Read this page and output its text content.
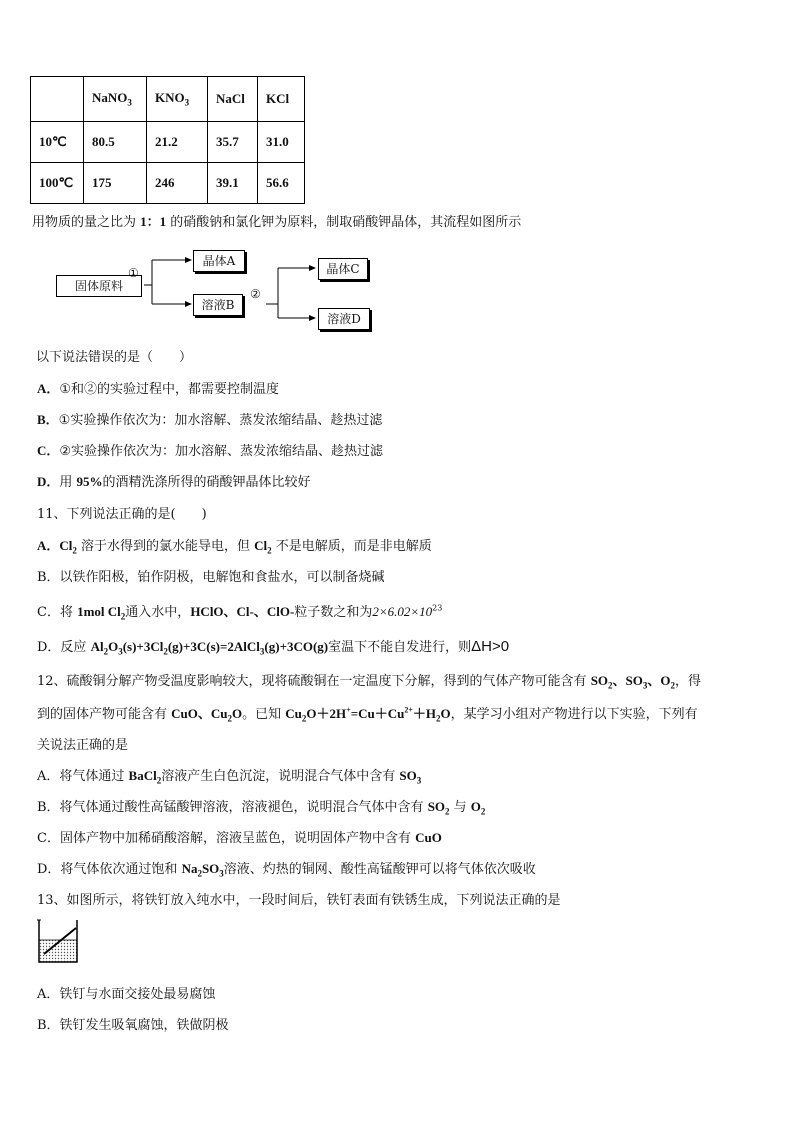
	NaNO$_3$	$KNO_3$	NaCl	KCl
10℃	80.5	21.2	35.7	31.0
100℃	175	246	39.1	56.6
用物质的量之比为 1：1 的硝酸钠和氯化钾为原料，制取硝酸钾晶体，其流程如图所示
固体原料
①
晶体A
溶液B
②
晶体C
溶液D
以下说法错误的是（　　）
A．①和②的实验过程中，都需要控制温度
B．①实验操作依次为：加水溶解、蒸发浓缩结晶、趁热过滤
C．②实验操作依次为：加水溶解、蒸发浓缩结晶、趁热过滤
D．用 95%的酒精洗涤所得的硝酸钾晶体比较好
11、下列说法正确的是(　　)
A．$Cl_2$ 溶于水得到的氯水能导电，但 $Cl_2$ 不是电解质，而是非电解质
B．以铁作阳极，铂作阴极，电解饱和食盐水，可以制备烧碱
C．将 1mol $Cl_2$通入水中，HClO、Cl-、ClO-粒子数之和为$2\times 6.02\times 10^{23}$
D．反应 $Al_2O_3(s)+3Cl_2(g)+3C(s)=2AlCl_3(g)+3CO(g)$室温下不能自发进行，则ΔH>0
12、硫酸铜分解产物受温度影响较大，现将硫酸铜在一定温度下分解，得到的气体产物可能含有 $SO_2$、$SO_3$、$O_2$，得
到的固体产物可能含有 CuO、$Cu_2O$。已知 $Cu_2O+2H^+=Cu+Cu^{2+}+H_2O$，某学习小组对产物进行以下实验，下列有
关说法正确的是
A．将气体通过 BaCl$_2$溶液产生白色沉淀，说明混合气体中含有 $SO_3$
B．将气体通过酸性高锰酸钾溶液，溶液褪色，说明混合气体中含有 $SO_2$ 与 $O_2$
C．固体产物中加稀硝酸溶解，溶液呈蓝色，说明固体产物中含有 CuO
D．将气体依次通过饱和 $Na_2SO_3$溶液、灼热的铜网、酸性高锰酸钾可以将气体依次吸收
13、如图所示，将铁钉放入纯水中，一段时间后，铁钉表面有铁锈生成，下列说法正确的是
A．铁钉与水面交接处最易腐蚀
B．铁钉发生吸氧腐蚀，铁做阴极
